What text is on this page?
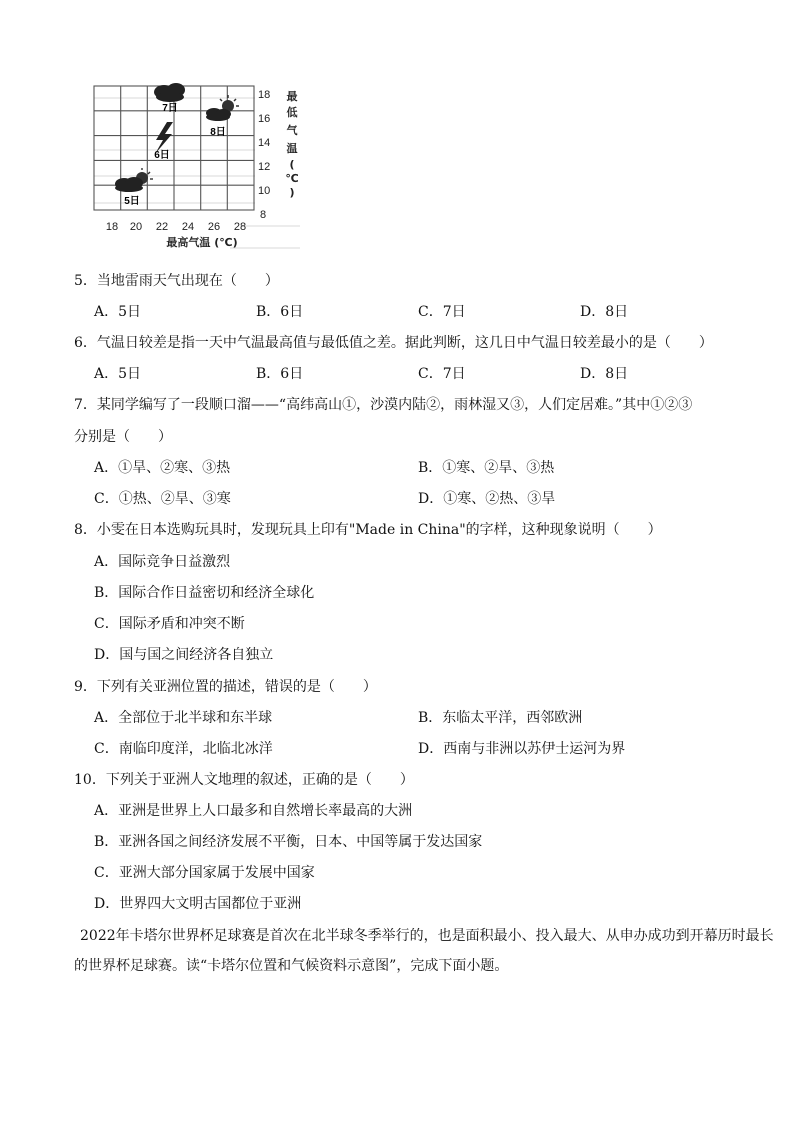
7日
8日
6日
5日
18
16
14
12
10
8
最
低
气
温
(
℃
)
18 20 22 24 26 28
最高气温 (℃)
5．当地雷雨天气出现在（　　）
A．5日	B．6日	C．7日	D．8日
6．气温日较差是指一天中气温最高值与最低值之差。据此判断，这几日中气温日较差最小的是（　　）
A．5日	B．6日	C．7日	D．8日
7．某同学编写了一段顺口溜——“高纬高山①，沙漠内陆②，雨林湿又③，人们定居难。”其中①②③
分别是（　　）
A．①旱、②寒、③热	B．①寒、②旱、③热
C．①热、②旱、③寒	D．①寒、②热、③旱
8．小雯在日本选购玩具时，发现玩具上印有"Made in China"的字样，这种现象说明（　　）
A．国际竞争日益激烈
B．国际合作日益密切和经济全球化
C．国际矛盾和冲突不断
D．国与国之间经济各自独立
9．下列有关亚洲位置的描述，错误的是（　　）
A．全部位于北半球和东半球	B．东临太平洋，西邻欧洲
C．南临印度洋，北临北冰洋	D．西南与非洲以苏伊士运河为界
10．下列关于亚洲人文地理的叙述，正确的是（　　）
A．亚洲是世界上人口最多和自然增长率最高的大洲
B．亚洲各国之间经济发展不平衡，日本、中国等属于发达国家
C．亚洲大部分国家属于发展中国家
D．世界四大文明古国都位于亚洲
2022年卡塔尔世界杯足球赛是首次在北半球冬季举行的，也是面积最小、投入最大、从申办成功到开幕历时最长的世界杯足球赛。读“卡塔尔位置和气候资料示意图”，完成下面小题。
